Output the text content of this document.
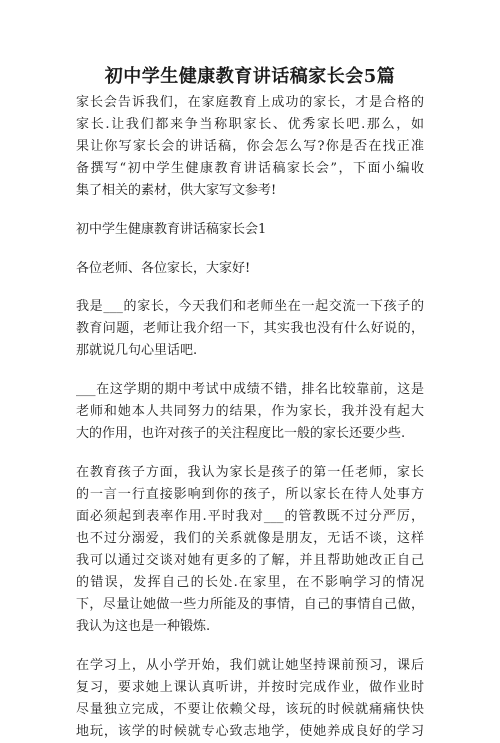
初中学生健康教育讲话稿家长会5篇
家长会告诉我们，在家庭教育上成功的家长，才是合格的
家长.让我们都来争当称职家长、优秀家长吧.那么，如
果让你写家长会的讲话稿，你会怎么写?你是否在找正准
备撰写“初中学生健康教育讲话稿家长会”，下面小编收
集了相关的素材，供大家写文参考!
初中学生健康教育讲话稿家长会1
各位老师、各位家长，大家好!
我是___的家长，今天我们和老师坐在一起交流一下孩子的
教育问题，老师让我介绍一下，其实我也没有什么好说的，
那就说几句心里话吧.
___在这学期的期中考试中成绩不错，排名比较靠前，这是
老师和她本人共同努力的结果，作为家长，我并没有起大
大的作用，也许对孩子的关注程度比一般的家长还要少些.
在教育孩子方面，我认为家长是孩子的第一任老师，家长
的一言一行直接影响到你的孩子，所以家长在待人处事方
面必须起到表率作用.平时我对___的管教既不过分严厉，
也不过分溺爱，我们的关系就像是朋友，无话不谈，这样
我可以通过交谈对她有更多的了解，并且帮助她改正自己
的错误，发挥自己的长处.在家里，在不影响学习的情况
下，尽量让她做一些力所能及的事情，自己的事情自己做，
我认为这也是一种锻炼.
在学习上，从小学开始，我们就让她坚持课前预习，课后
复习，要求她上课认真听讲，并按时完成作业，做作业时
尽量独立完成，不要让依赖父母，该玩的时候就痛痛快快
地玩，该学的时候就专心致志地学，使她养成良好的学习
